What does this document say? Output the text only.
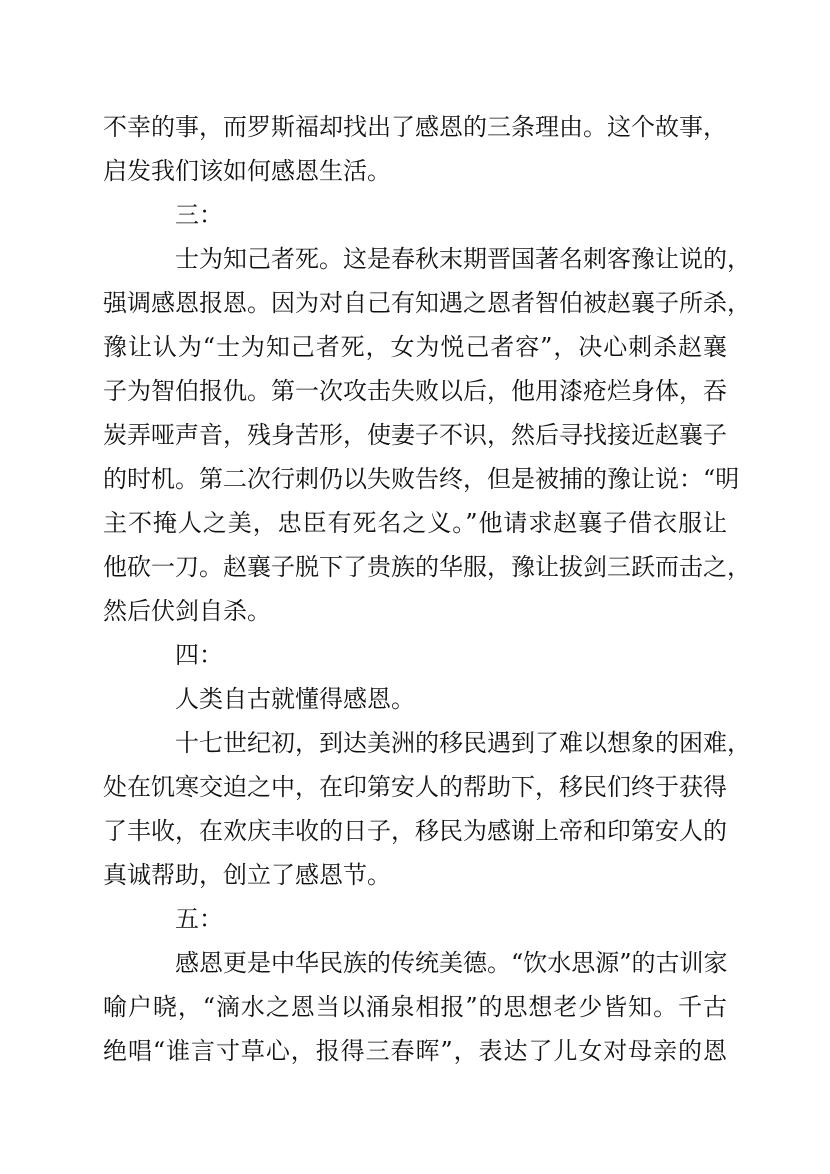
不幸的事，而罗斯福却找出了感恩的三条理由。这个故事，

启发我们该如何感恩生活。

三：

士为知己者死。这是春秋末期晋国著名刺客豫让说的，

强调感恩报恩。因为对自己有知遇之恩者智伯被赵襄子所杀，

豫让认为“士为知己者死，女为悦己者容”，决心刺杀赵襄

子为智伯报仇。第一次攻击失败以后，他用漆疮烂身体，吞

炭弄哑声音，残身苦形，使妻子不识，然后寻找接近赵襄子

的时机。第二次行刺仍以失败告终，但是被捕的豫让说：“明

主不掩人之美，忠臣有死名之义。”他请求赵襄子借衣服让

他砍一刀。赵襄子脱下了贵族的华服，豫让拔剑三跃而击之，

然后伏剑自杀。

四：

人类自古就懂得感恩。

十七世纪初，到达美洲的移民遇到了难以想象的困难，

处在饥寒交迫之中，在印第安人的帮助下，移民们终于获得

了丰收，在欢庆丰收的日子，移民为感谢上帝和印第安人的

真诚帮助，创立了感恩节。

五：

感恩更是中华民族的传统美德。“饮水思源”的古训家

喻户晓，“滴水之恩当以涌泉相报”的思想老少皆知。千古

绝唱“谁言寸草心，报得三春晖”，表达了儿女对母亲的恩
